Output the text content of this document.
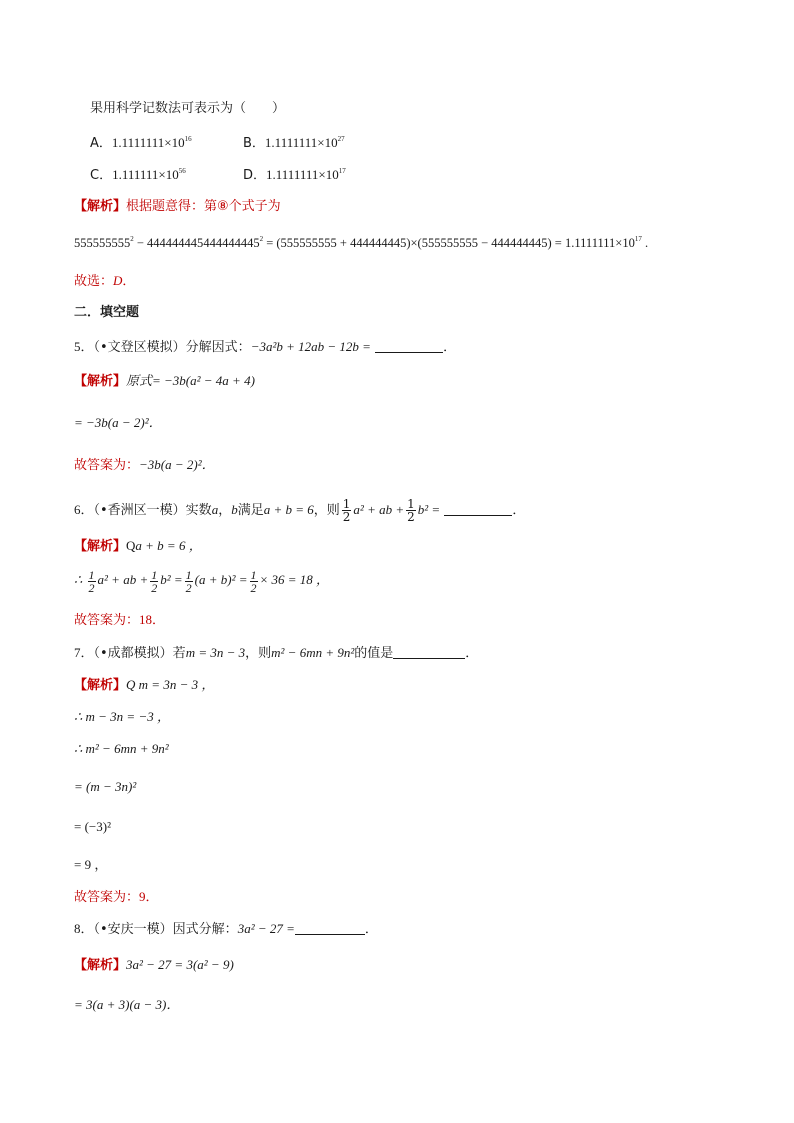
果用科学记数法可表示为（　　）
A．$1.1111111\times 10^{16}$	B．$1.1111111\times 10^{27}$
C．$1.111111\times 10^{56}$	D．$1.1111111\times 10^{17}$
【解析】根据题意得：第⑧个式子为
$555555555^2 - 444444445444444445^2 = (555555555 + 444444445)\times(555555555 - 444444445) = 1.1111111\times 10^{17}$ .
故选：D．
二．填空题
5．（•文登区模拟）分解因式：−3a²b + 12ab − 12b =	．
【解析】原式= −3b(a² − 4a + 4)
= −3b(a − 2)²．
故答案为：−3b(a − 2)²．
6．（•香洲区一模）实数a，b满足a + b = 6，则 $\frac{1}{2} a^2$ + ab + $\frac{1}{2} b^2$ =	．
【解析】Qa + b = 6 ，
∴ $\frac{1}{2} a^2$ + ab + $\frac{1}{2} b^2 = \frac{1}{2} (a + b)^2 = \frac{1}{2} \times 36 = 18$ ，
故答案为：18．
7．（•成都模拟）若m = 3n − 3，则m² − 6mn + 9n²的值是	．
【解析】Q m = 3n − 3 ，
∴ m − 3n = −3 ，
∴ m² − 6mn + 9n²
= (m − 3n)²
= (−3)²
= 9 ，
故答案为：9．
8．（•安庆一模）因式分解：3a² − 27 =	．
【解析】3a² − 27 = 3(a² − 9)
= 3(a + 3)(a − 3)．
